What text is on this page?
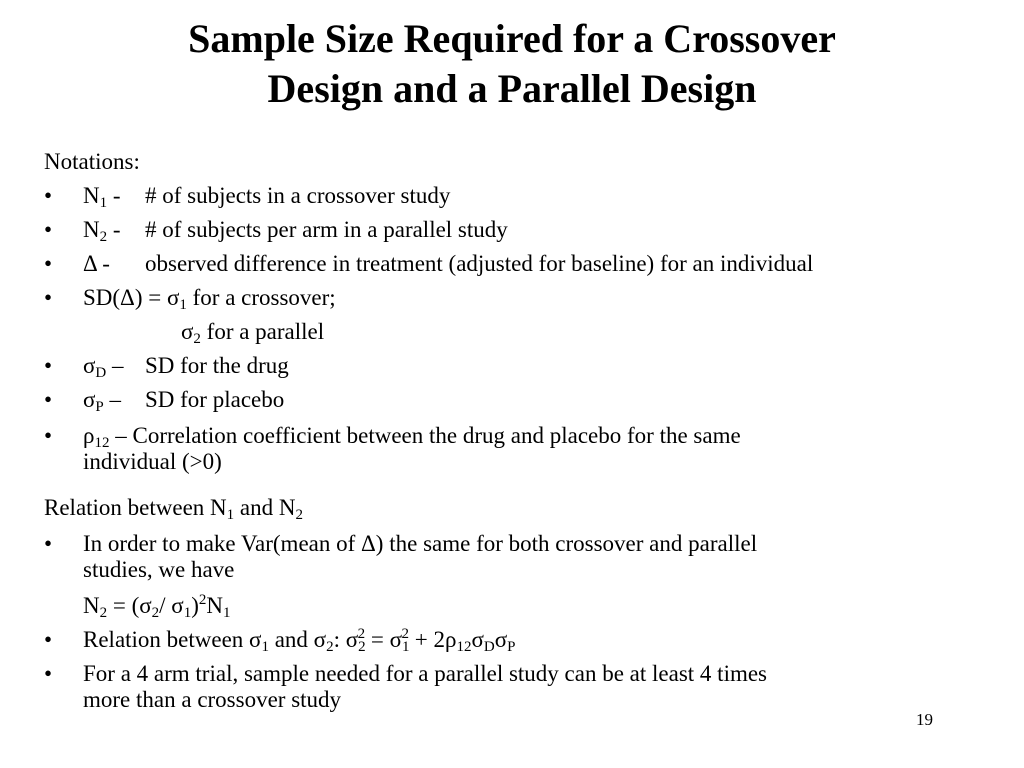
Sample Size Required for a Crossover
Design and a Parallel Design
Notations:
• $N_1$ - # of subjects in a crossover study
• $N_2$ - # of subjects per arm in a parallel study
• Δ - observed difference in treatment (adjusted for baseline) for an individual
• $SD(\Delta) = \sigma_1$ for a crossover;
$\sigma_2$ for a parallel
• $\sigma_D$ – SD for the drug
• $\sigma_P$ – SD for placebo
• $\rho_{12}$ – Correlation coefficient between the drug and placebo for the same
individual (>0)
Relation between $N_1$ and $N_2$
• In order to make Var(mean of Δ) the same for both crossover and parallel
studies, we have
$N_2 = (\sigma_2/$ $\sigma_1)^2N_1$
• Relation between $\sigma_1$ and $\sigma_2$: $\sigma_2^2 = \sigma_1^2 + 2\rho_{12}\sigma_D\sigma_P$
• For a 4 arm trial, sample needed for a parallel study can be at least 4 times
more than a crossover study
19
